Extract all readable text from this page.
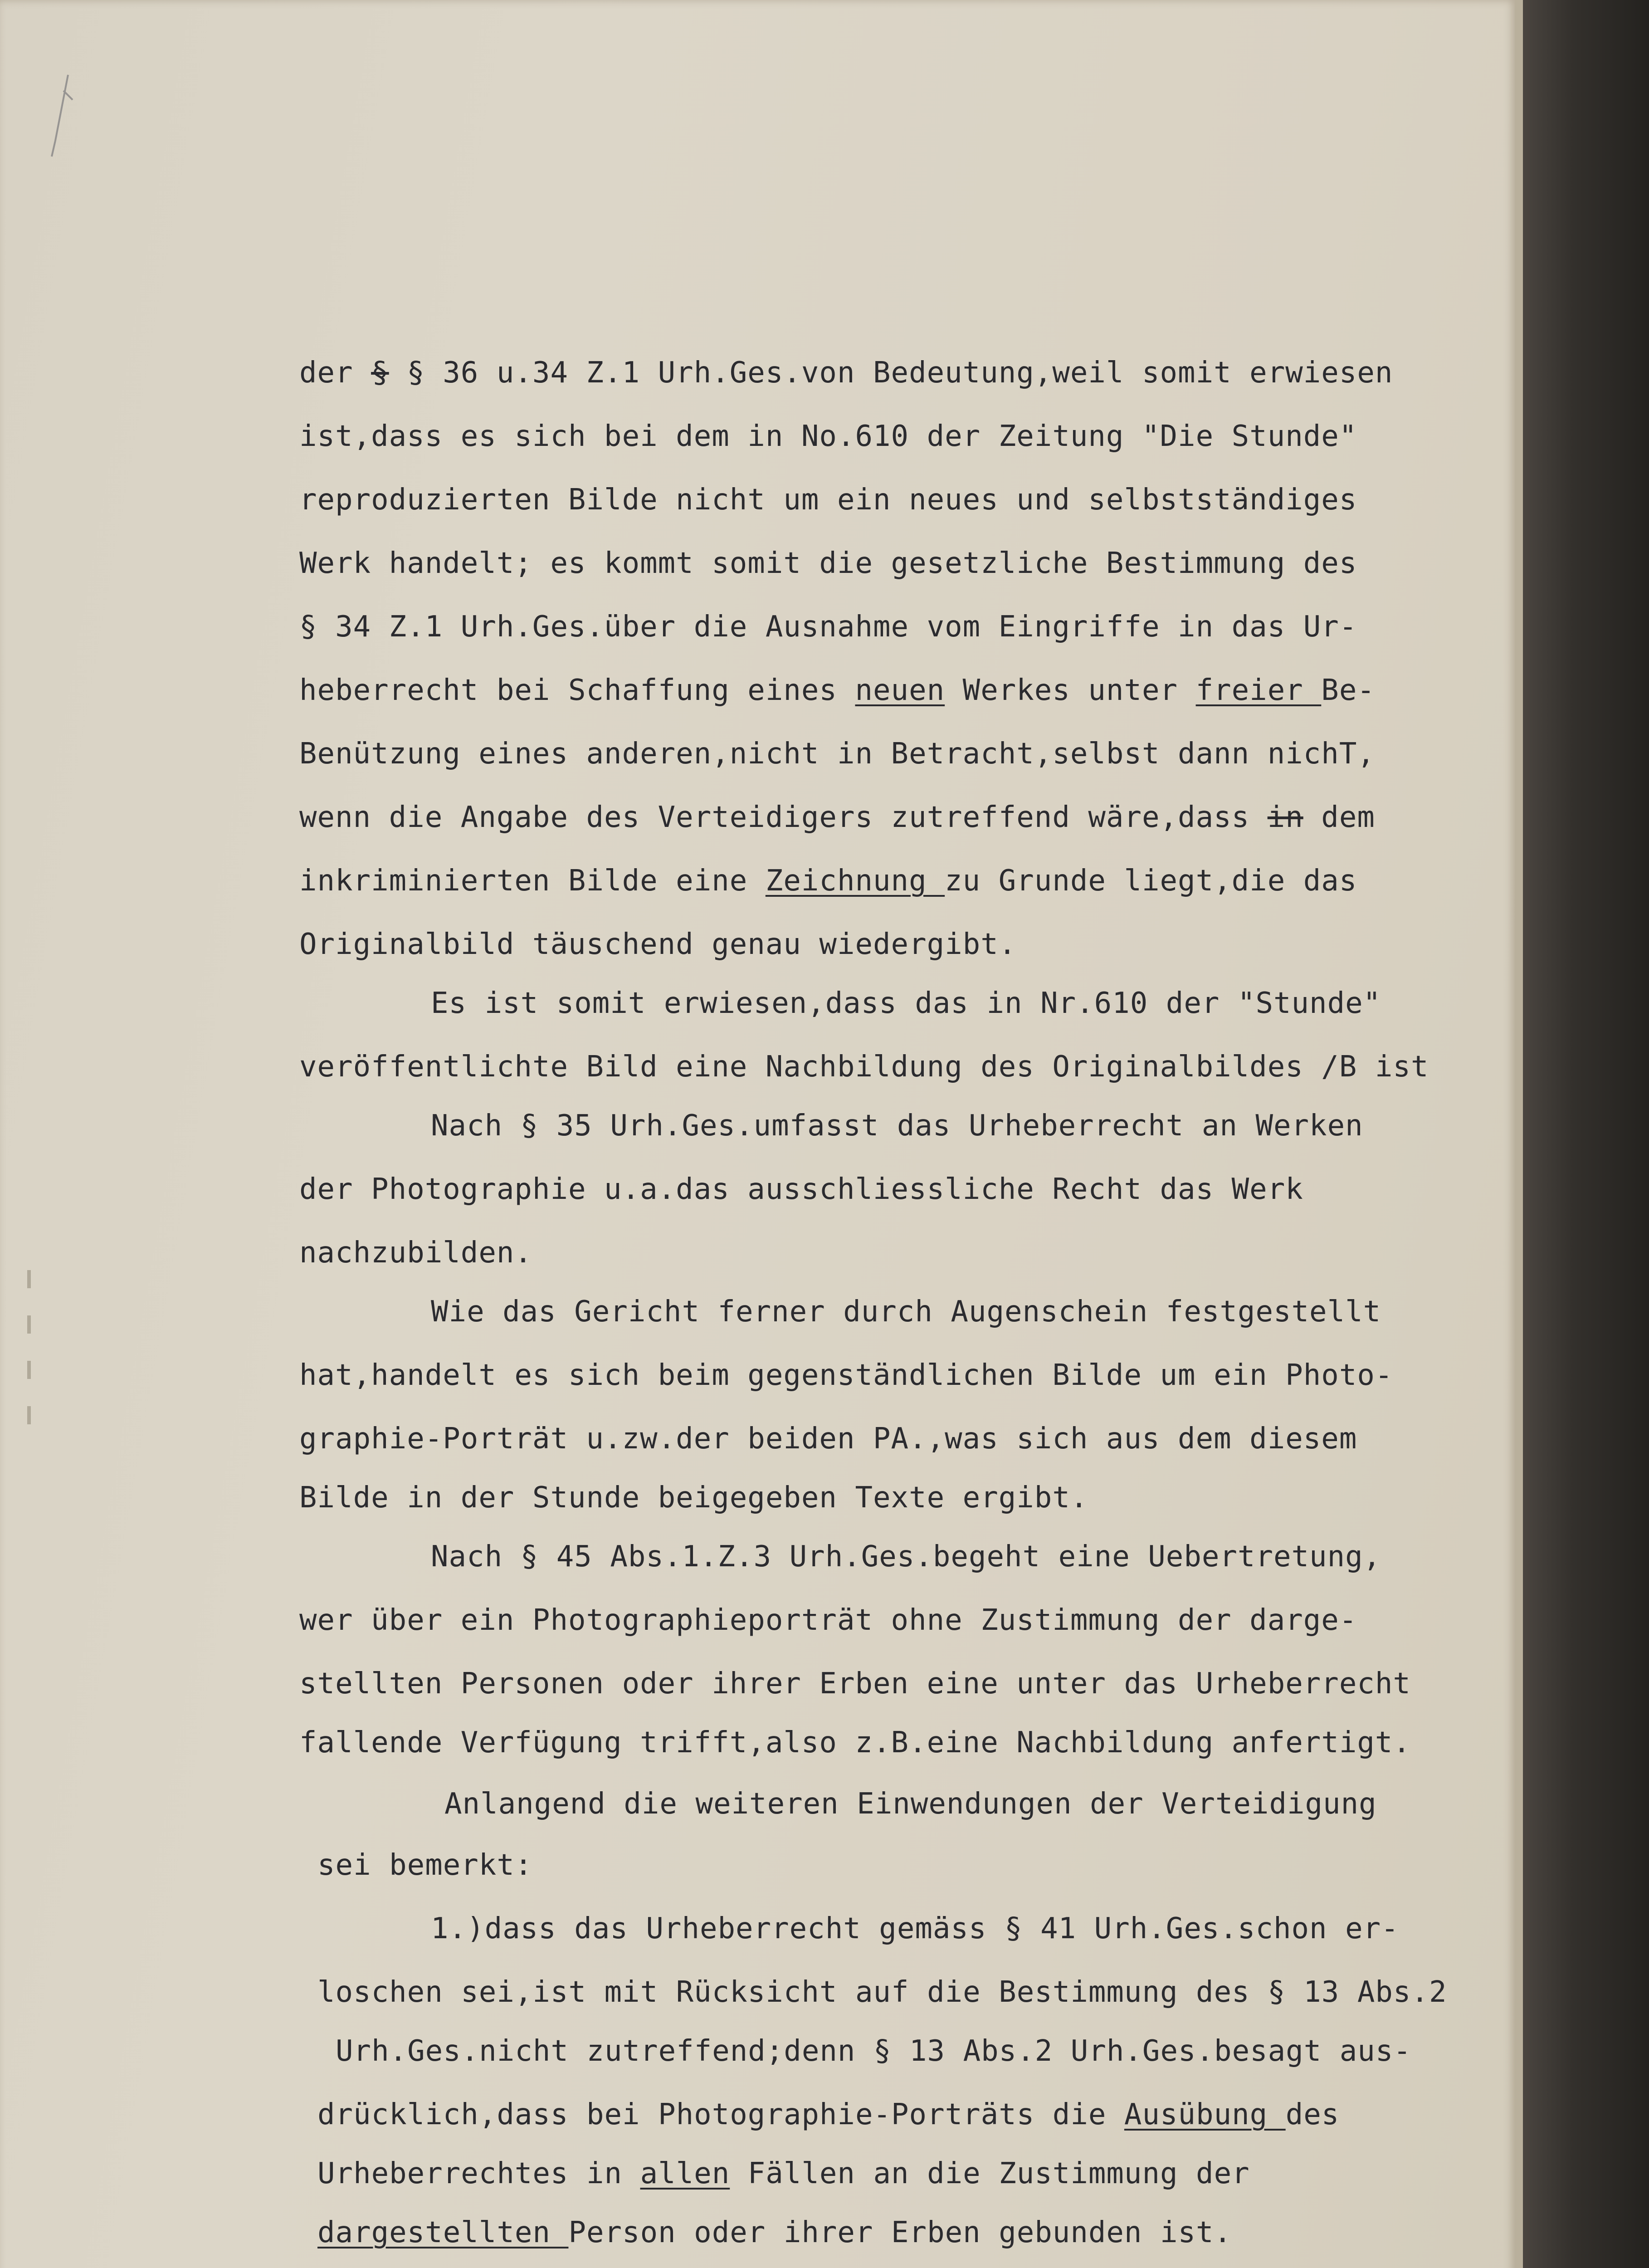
der § § 36 u.34 Z.1 Urh.Ges.von Bedeutung,weil somit erwiesen
ist,dass es sich bei dem in No.610 der Zeitung "Die Stunde"
reproduzierten Bilde nicht um ein neues und selbstständiges
Werk handelt; es kommt somit die gesetzliche Bestimmung des
§ 34 Z.1 Urh.Ges.über die Ausnahme vom Eingriffe in das Ur-
heberrecht bei Schaffung eines neuen Werkes unter freier Be-
Benützung eines anderen,nicht in Betracht,selbst dann nichT,
wenn die Angabe des Verteidigers zutreffend wäre,dass in dem
inkriminierten Bilde eine Zeichnung zu Grunde liegt,die das
Originalbild täuschend genau wiedergibt.
Es ist somit erwiesen,dass das in Nr.610 der "Stunde"
veröffentlichte Bild eine Nachbildung des Originalbildes /B ist
Nach § 35 Urh.Ges.umfasst das Urheberrecht an Werken
der Photographie u.a.das ausschliessliche Recht das Werk
nachzubilden.
Wie das Gericht ferner durch Augenschein festgestellt
hat,handelt es sich beim gegenständlichen Bilde um ein Photo-
graphie-Porträt u.zw.der beiden PA.,was sich aus dem diesem
Bilde in der Stunde beigegeben Texte ergibt.
Nach § 45 Abs.1.Z.3 Urh.Ges.begeht eine Uebertretung,
wer über ein Photographieporträt ohne Zustimmung der darge-
stellten Personen oder ihrer Erben eine unter das Urheberrecht
fallende Verfügung trifft,also z.B.eine Nachbildung anfertigt.
Anlangend die weiteren Einwendungen der Verteidigung
sei bemerkt:
1.)dass das Urheberrecht gemäss § 41 Urh.Ges.schon er-
loschen sei,ist mit Rücksicht auf die Bestimmung des § 13 Abs.2
Urh.Ges.nicht zutreffend;denn § 13 Abs.2 Urh.Ges.besagt aus-
drücklich,dass bei Photographie-Porträts die Ausübung des
Urheberrechtes in allen Fällen an die Zustimmung der
dargestellten Person oder ihrer Erben gebunden ist.
